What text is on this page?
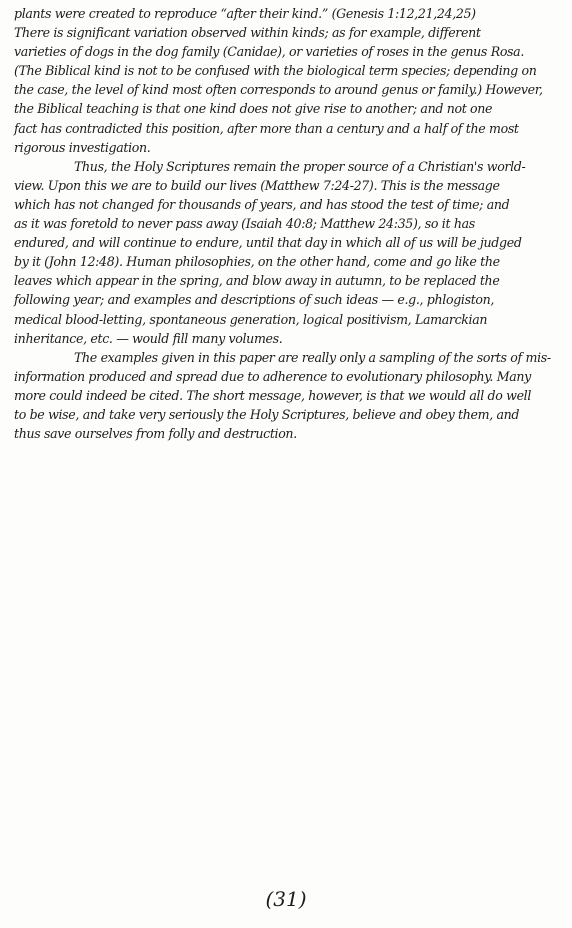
plants were created to reproduce “after their kind.” (Genesis 1:12,21,24,25)
There is significant variation observed within kinds; as for example, different
varieties of dogs in the dog family (Canidae), or varieties of roses in the genus Rosa.
(The Biblical kind is not to be confused with the biological term species; depending on
the case, the level of kind most often corresponds to around genus or family.) However,
the Biblical teaching is that one kind does not give rise to another; and not one
fact has contradicted this position, after more than a century and a half of the most
rigorous investigation.
Thus, the Holy Scriptures remain the proper source of a Christian's world-
view. Upon this we are to build our lives (Matthew 7:24-27). This is the message
which has not changed for thousands of years, and has stood the test of time; and
as it was foretold to never pass away (Isaiah 40:8; Matthew 24:35), so it has
endured, and will continue to endure, until that day in which all of us will be judged
by it (John 12:48). Human philosophies, on the other hand, come and go like the
leaves which appear in the spring, and blow away in autumn, to be replaced the
following year; and examples and descriptions of such ideas — e.g., phlogiston,
medical blood-letting, spontaneous generation, logical positivism, Lamarckian
inheritance, etc. — would fill many volumes.
The examples given in this paper are really only a sampling of the sorts of mis-
information produced and spread due to adherence to evolutionary philosophy. Many
more could indeed be cited. The short message, however, is that we would all do well
to be wise, and take very seriously the Holy Scriptures, believe and obey them, and
thus save ourselves from folly and destruction.
(31)
